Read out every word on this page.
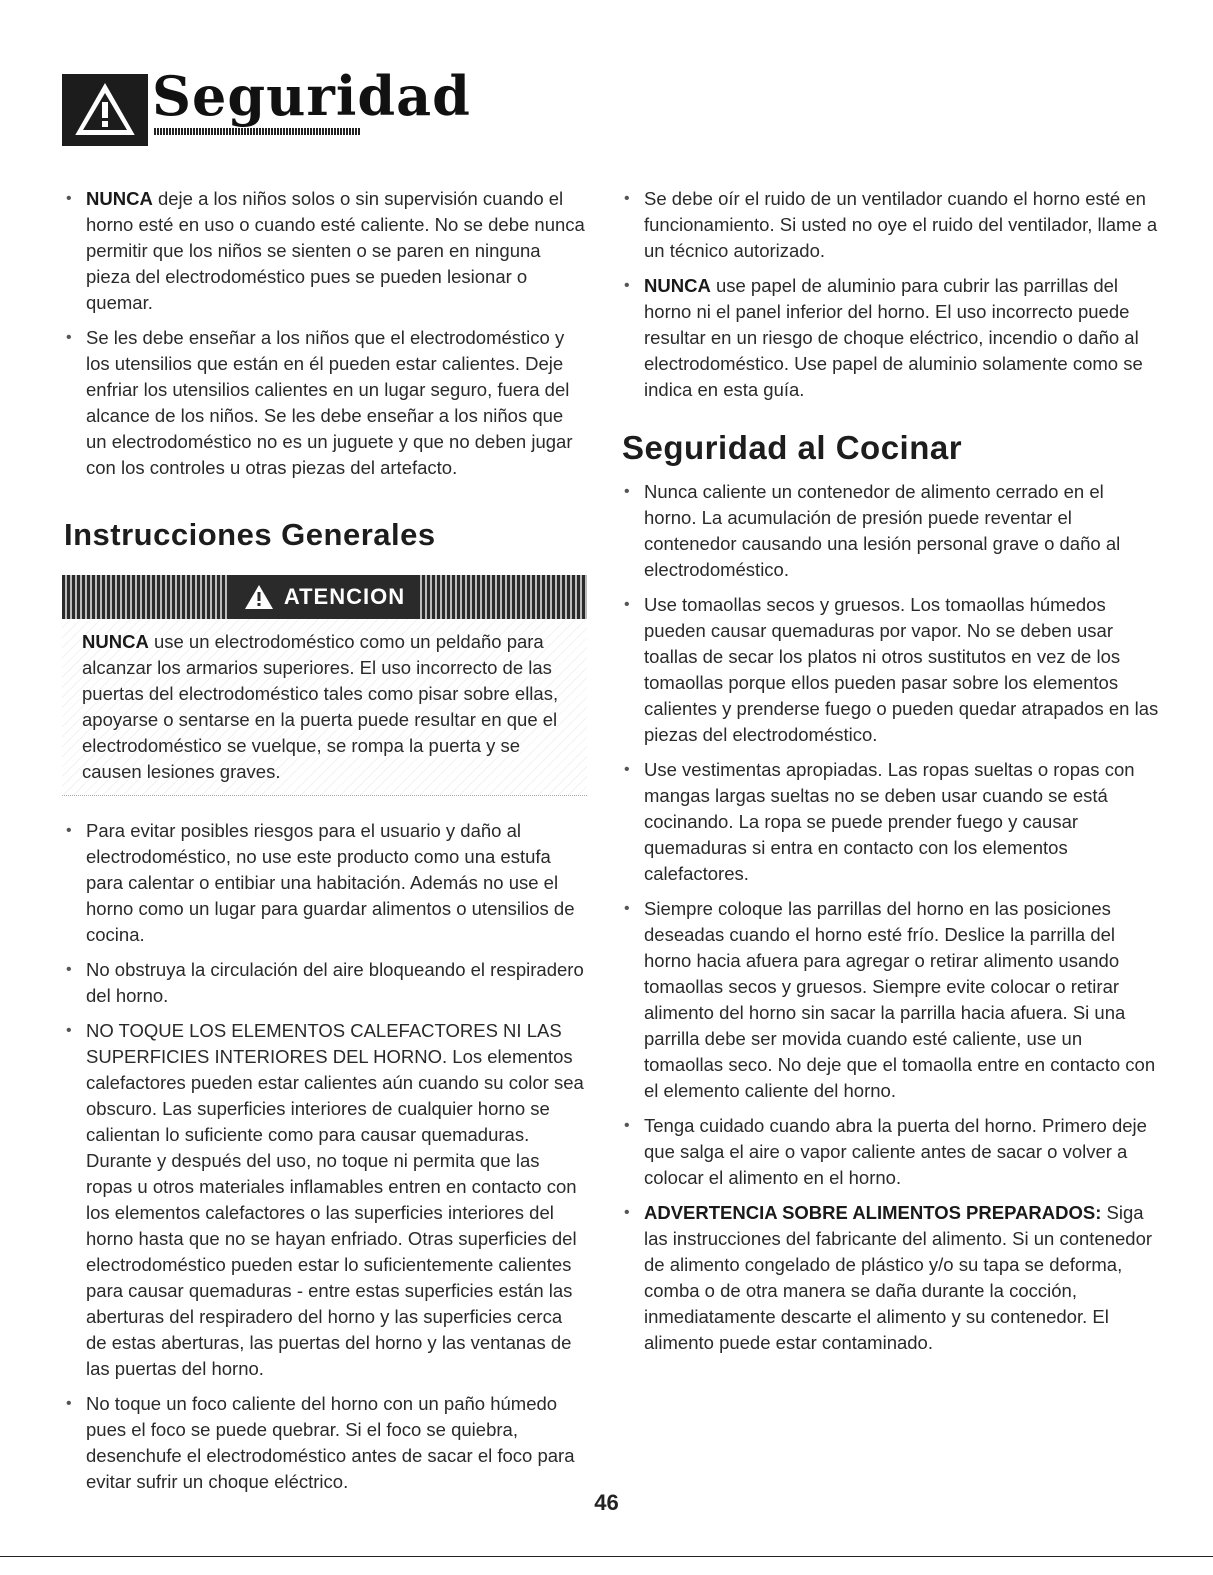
Seguridad
• NUNCA deje a los niños solos o sin supervisión cuando el horno esté en uso o cuando esté caliente. No se debe nunca permitir que los niños se sienten o se paren en ninguna pieza del electrodoméstico pues se pueden lesionar o quemar.
• Se les debe enseñar a los niños que el electrodoméstico y los utensilios que están en él pueden estar calientes. Deje enfriar los utensilios calientes en un lugar seguro, fuera del alcance de los niños. Se les debe enseñar a los niños que un electrodoméstico no es un juguete y que no deben jugar con los controles u otras piezas del artefacto.
Instrucciones Generales
ATENCION
NUNCA use un electrodoméstico como un peldaño para alcanzar los armarios superiores. El uso incorrecto de las puertas del electrodoméstico tales como pisar sobre ellas, apoyarse o sentarse en la puerta puede resultar en que el electrodoméstico se vuelque, se rompa la puerta y se causen lesiones graves.
• Para evitar posibles riesgos para el usuario y daño al electrodoméstico, no use este producto como una estufa para calentar o entibiar una habitación. Además no use el horno como un lugar para guardar alimentos o utensilios de cocina.
• No obstruya la circulación del aire bloqueando el respiradero del horno.
• NO TOQUE LOS ELEMENTOS CALEFACTORES NI LAS SUPERFICIES INTERIORES DEL HORNO. Los elementos calefactores pueden estar calientes aún cuando su color sea obscuro. Las superficies interiores de cualquier horno se calientan lo suficiente como para causar quemaduras. Durante y después del uso, no toque ni permita que las ropas u otros materiales inflamables entren en contacto con los elementos calefactores o las superficies interiores del horno hasta que no se hayan enfriado. Otras superficies del electrodoméstico pueden estar lo suficientemente calientes para causar quemaduras - entre estas superficies están las aberturas del respiradero del horno y las superficies cerca de estas aberturas, las puertas del horno y las ventanas de las puertas del horno.
• No toque un foco caliente del horno con un paño húmedo pues el foco se puede quebrar. Si el foco se quiebra, desenchufe el electrodoméstico antes de sacar el foco para evitar sufrir un choque eléctrico.
• Se debe oír el ruido de un ventilador cuando el horno esté en funcionamiento. Si usted no oye el ruido del ventilador, llame a un técnico autorizado.
• NUNCA use papel de aluminio para cubrir las parrillas del horno ni el panel inferior del horno. El uso incorrecto puede resultar en un riesgo de choque eléctrico, incendio o daño al electrodoméstico. Use papel de aluminio solamente como se indica en esta guía.
Seguridad al Cocinar
• Nunca caliente un contenedor de alimento cerrado en el horno. La acumulación de presión puede reventar el contenedor causando una lesión personal grave o daño al electrodoméstico.
• Use tomaollas secos y gruesos. Los tomaollas húmedos pueden causar quemaduras por vapor. No se deben usar toallas de secar los platos ni otros sustitutos en vez de los tomaollas porque ellos pueden pasar sobre los elementos calientes y prenderse fuego o pueden quedar atrapados en las piezas del electrodoméstico.
• Use vestimentas apropiadas. Las ropas sueltas o ropas con mangas largas sueltas no se deben usar cuando se está cocinando. La ropa se puede prender fuego y causar quemaduras si entra en contacto con los elementos calefactores.
• Siempre coloque las parrillas del horno en las posiciones deseadas cuando el horno esté frío. Deslice la parrilla del horno hacia afuera para agregar o retirar alimento usando tomaollas secos y gruesos. Siempre evite colocar o retirar alimento del horno sin sacar la parrilla hacia afuera. Si una parrilla debe ser movida cuando esté caliente, use un tomaollas seco. No deje que el tomaolla entre en contacto con el elemento caliente del horno.
• Tenga cuidado cuando abra la puerta del horno. Primero deje que salga el aire o vapor caliente antes de sacar o volver a colocar el alimento en el horno.
• ADVERTENCIA SOBRE ALIMENTOS PREPARADOS: Siga las instrucciones del fabricante del alimento. Si un contenedor de alimento congelado de plástico y/o su tapa se deforma, comba o de otra manera se daña durante la cocción, inmediatamente descarte el alimento y su contenedor. El alimento puede estar contaminado.
46
